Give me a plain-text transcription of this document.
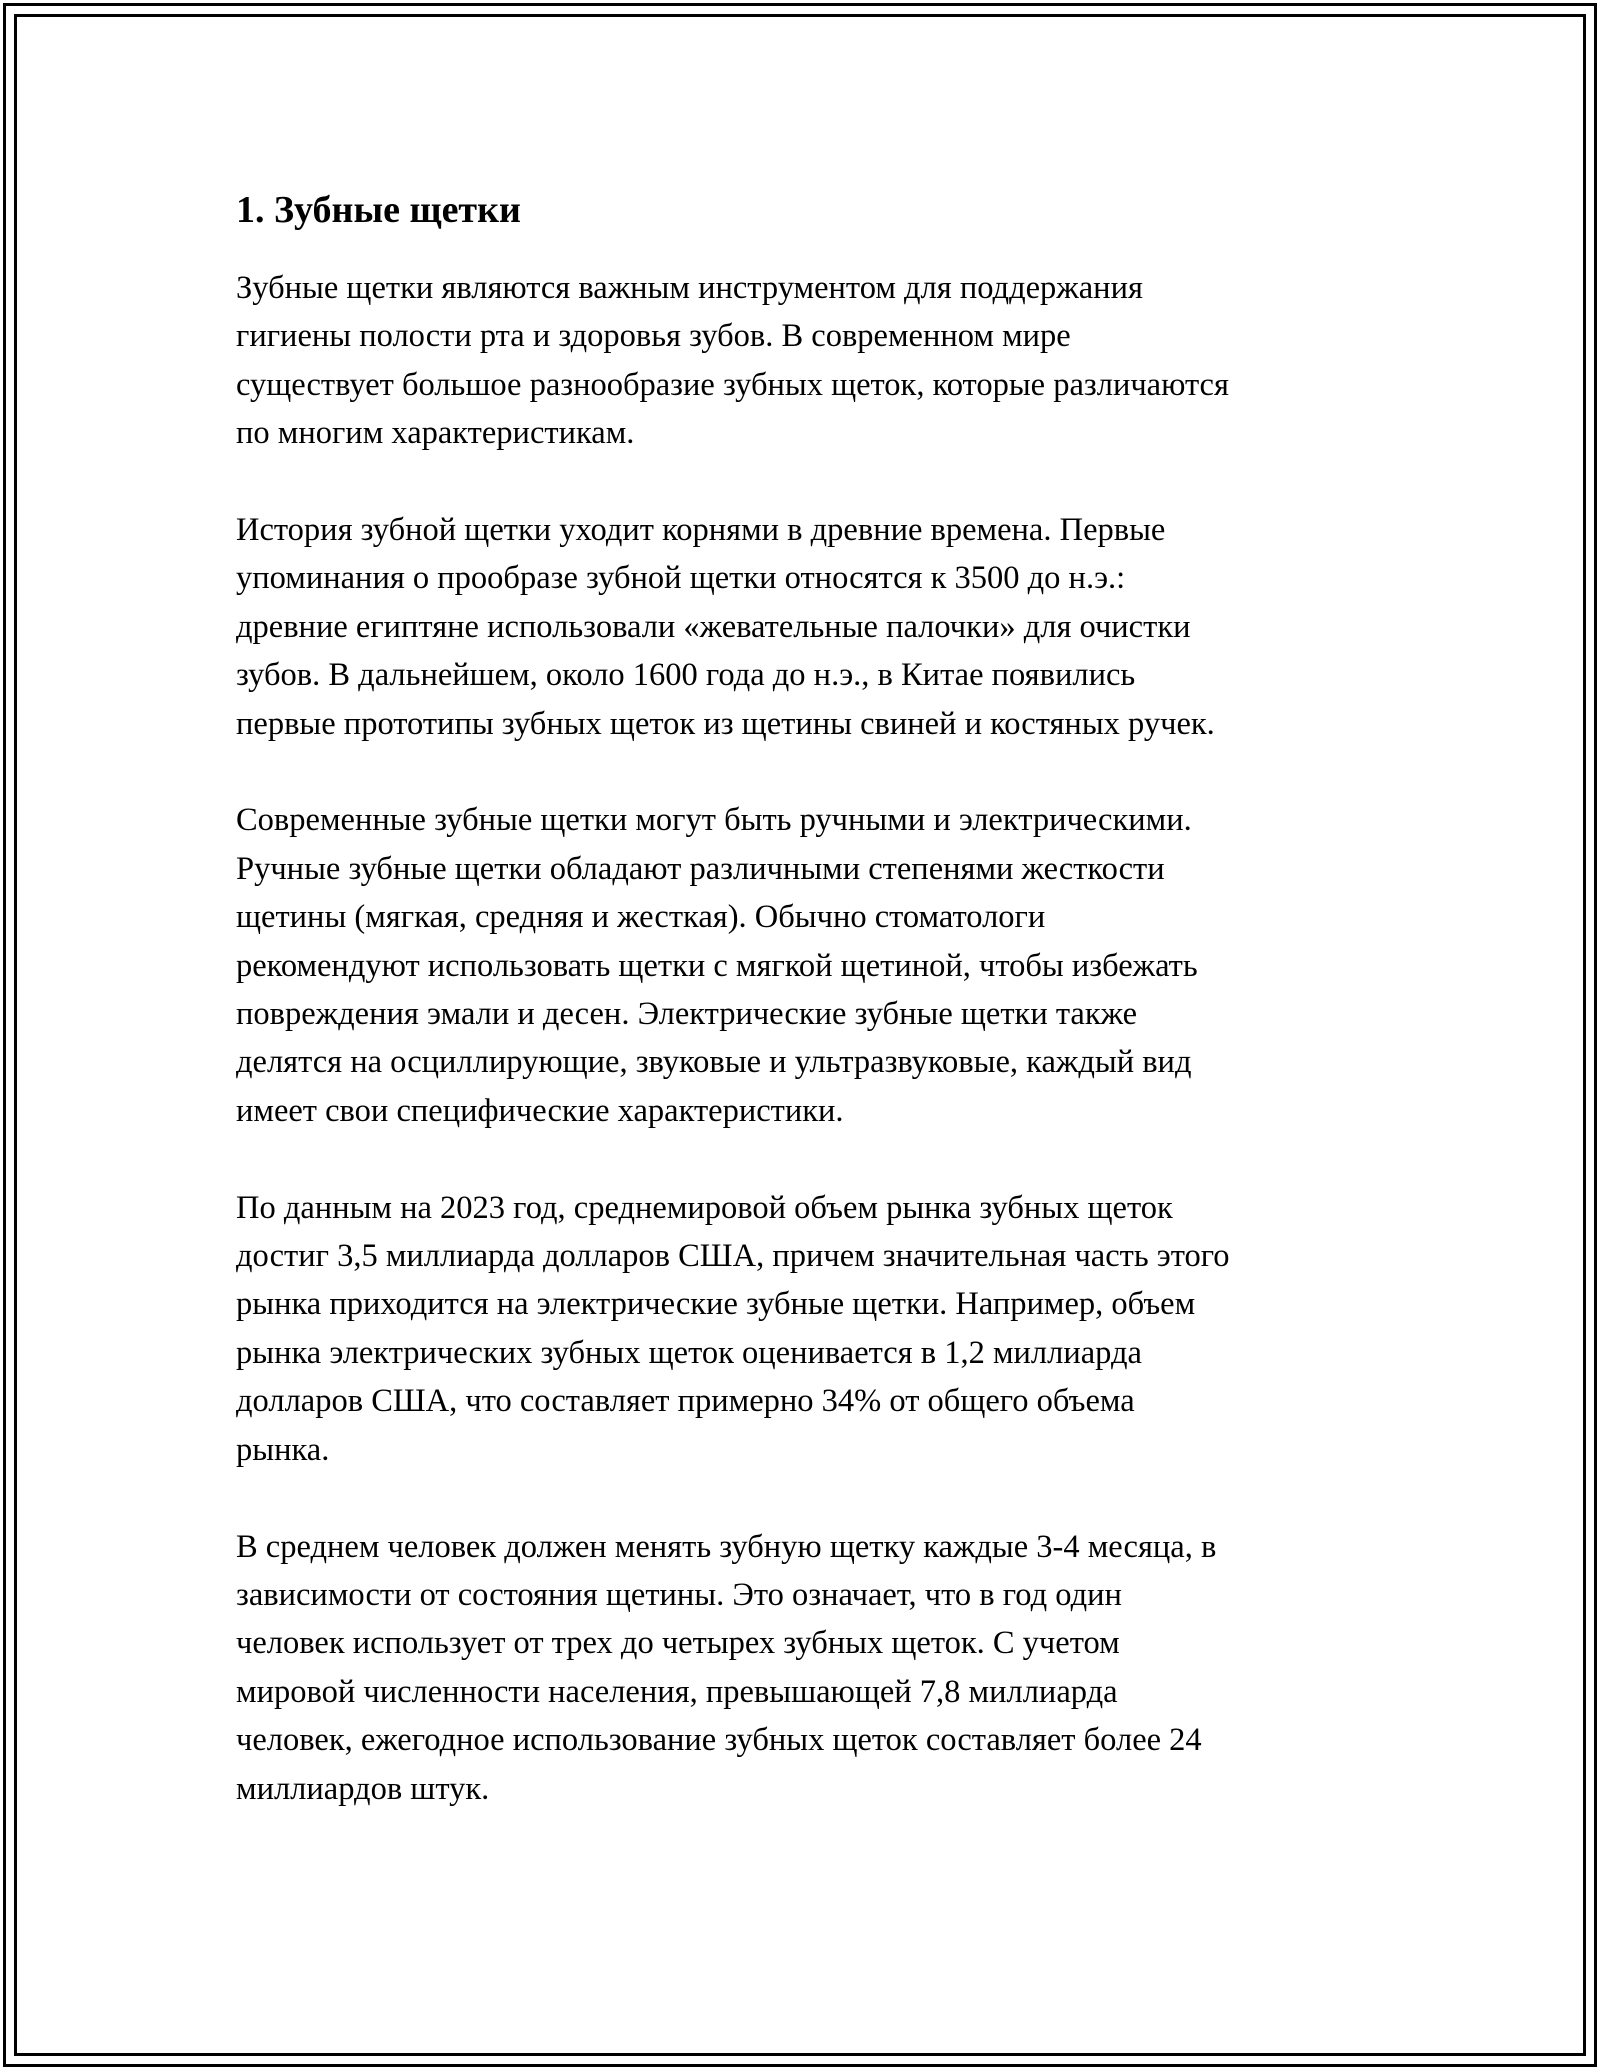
1. Зубные щетки

Зубные щетки являются важным инструментом для поддержания
гигиены полости рта и здоровья зубов. В современном мире
существует большое разнообразие зубных щеток, которые различаются
по многим характеристикам.

История зубной щетки уходит корнями в древние времена. Первые
упоминания о прообразе зубной щетки относятся к 3500 до н.э.:
древние египтяне использовали «жевательные палочки» для очистки
зубов. В дальнейшем, около 1600 года до н.э., в Китае появились
первые прототипы зубных щеток из щетины свиней и костяных ручек.

Современные зубные щетки могут быть ручными и электрическими.
Ручные зубные щетки обладают различными степенями жесткости
щетины (мягкая, средняя и жесткая). Обычно стоматологи
рекомендуют использовать щетки с мягкой щетиной, чтобы избежать
повреждения эмали и десен. Электрические зубные щетки также
делятся на осциллирующие, звуковые и ультразвуковые, каждый вид
имеет свои специфические характеристики.

По данным на 2023 год, среднемировой объем рынка зубных щеток
достиг 3,5 миллиарда долларов США, причем значительная часть этого
рынка приходится на электрические зубные щетки. Например, объем
рынка электрических зубных щеток оценивается в 1,2 миллиарда
долларов США, что составляет примерно 34% от общего объема
рынка.

В среднем человек должен менять зубную щетку каждые 3-4 месяца, в
зависимости от состояния щетины. Это означает, что в год один
человек использует от трех до четырех зубных щеток. С учетом
мировой численности населения, превышающей 7,8 миллиарда
человек, ежегодное использование зубных щеток составляет более 24
миллиардов штук.
